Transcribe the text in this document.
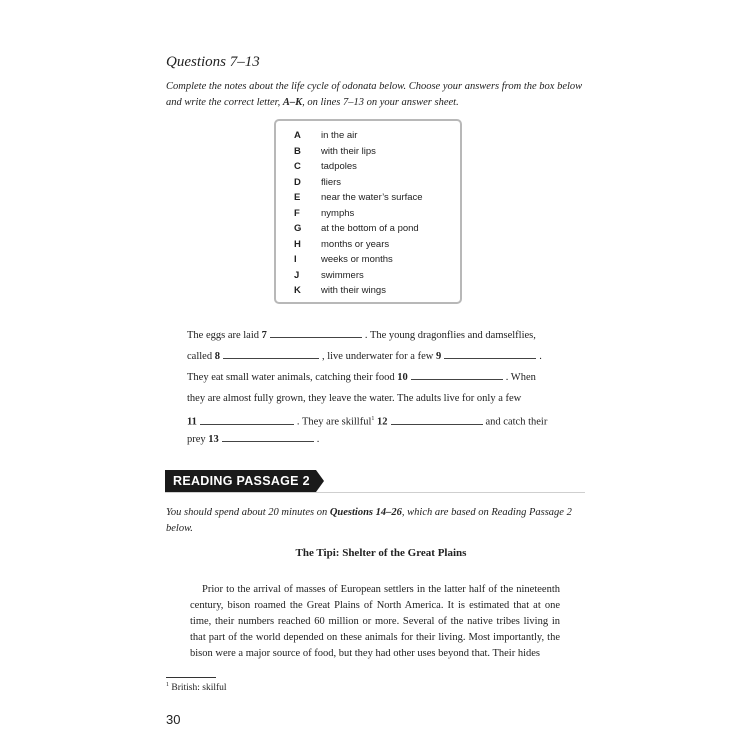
Questions 7–13
Complete the notes about the life cycle of odonata below. Choose your answers from the box below and write the correct letter, A–K, on lines 7–13 on your answer sheet.
A	in the air
B	with their lips
C	tadpoles
D	fliers
E	near the water’s surface
F	nymphs
G	at the bottom of a pond
H	months or years
I	weeks or months
J	swimmers
K	with their wings
The eggs are laid 7	. The young dragonflies and damselflies,
called 8	, live underwater for a few 9	.
They eat small water animals, catching their food 10	. When
they are almost fully grown, they leave the water. The adults live for only a few
11	. They are skillful$^1$ 12	and catch their
prey 13	.
READING PASSAGE 2
You should spend about 20 minutes on Questions 14–26, which are based on Reading Passage 2 below.
The Tipi: Shelter of the Great Plains

Prior to the arrival of masses of European settlers in the latter half of the nineteenth century, bison roamed the Great Plains of North America. It is estimated that at one time, their numbers reached 60 million or more. Several of the native tribes living in that part of the world depended on these animals for their living. Most importantly, the bison were a major source of food, but they had other uses beyond that. Their hides

$^1$ British: skilful
30
